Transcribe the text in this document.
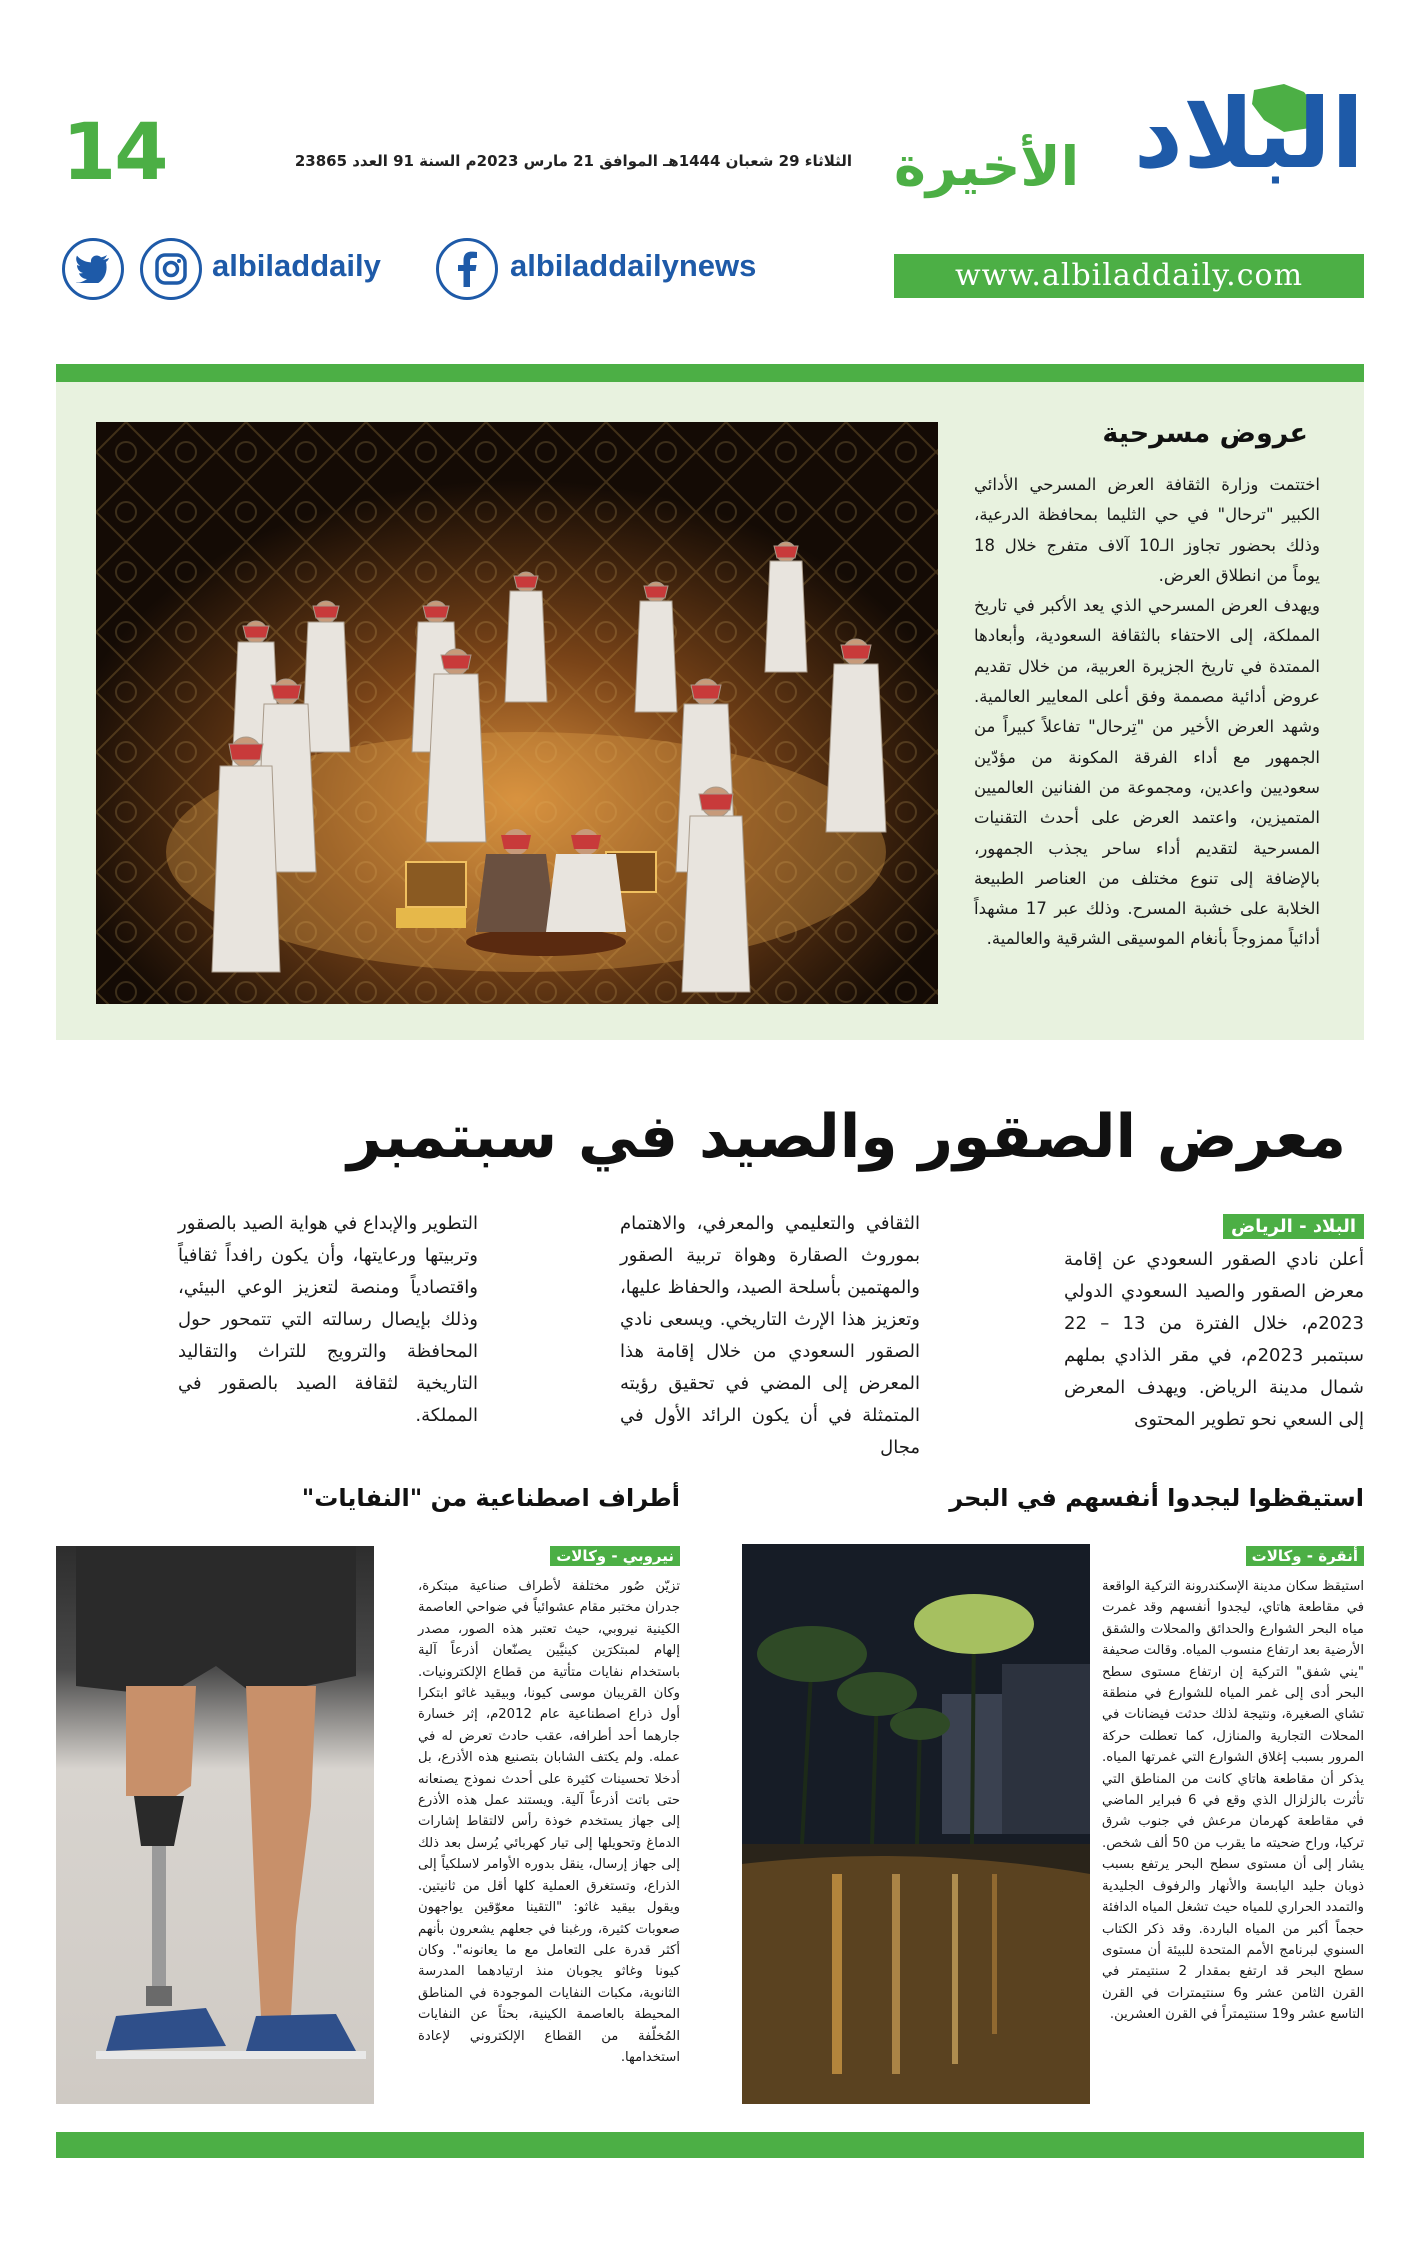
14	الثلاثاء 29 شعبان 1444هـ الموافق 21 مارس 2023م السنة 91 العدد 23865	البلاد
الأخيرة
www.albiladdaily.com
albiladdaily	albiladdailynews
عروض مسرحية

اختتمت وزارة الثقافة العرض المسرحي الأدائي الكبير "ترحال" في حي الثليما بمحافظة الدرعية، وذلك بحضور تجاوز الـ10 آلاف متفرج خلال 18 يوماً من انطلاق العرض.

ويهدف العرض المسرحي الذي يعد الأكبر في تاريخ المملكة، إلى الاحتفاء بالثقافة السعودية، وأبعادها الممتدة في تاريخ الجزيرة العربية، من خلال تقديم عروض أدائية مصممة وفق أعلى المعايير العالمية. وشهد العرض الأخير من "تِرحال" تفاعلاً كبيراً من الجمهور مع أداء الفرقة المكونة من مؤدّين سعوديين واعدين، ومجموعة من الفنانين العالميين المتميزين، واعتمد العرض على أحدث التقنيات المسرحية لتقديم أداء ساحر يجذب الجمهور، بالإضافة إلى تنوع مختلف من العناصر الطبيعة الخلابة على خشبة المسرح. وذلك عبر 17 مشهداً أدائياً ممزوجاً بأنغام الموسيقى الشرقية والعالمية.

معرض الصقور والصيد في سبتمبر
البلاد - الرياض
أعلن نادي الصقور السعودي عن إقامة معرض الصقور والصيد السعودي الدولي 2023م، خلال الفترة من 13 – 22 سبتمبر 2023م، في مقر الذادي بملهم شمال مدينة الرياض. ويهدف المعرض إلى السعي نحو تطوير المحتوى
الثقافي والتعليمي والمعرفي، والاهتمام بموروث الصقارة وهواة تربية الصقور والمهتمين بأسلحة الصيد، والحفاظ عليها، وتعزيز هذا الإرث التاريخي. ويسعى نادي الصقور السعودي من خلال إقامة هذا المعرض إلى المضي في تحقيق رؤيته المتمثلة في أن يكون الرائد الأول في مجال
التطوير والإبداع في هواية الصيد بالصقور وتربيتها ورعايتها، وأن يكون رافداً ثقافياً واقتصادياً ومنصة لتعزيز الوعي البيئي، وذلك بإيصال رسالته التي تتمحور حول المحافظة والترويج للتراث والتقاليد التاريخية لثقافة الصيد بالصقور في المملكة.
استيقظوا ليجدوا أنفسهم في البحر
أنقرة - وكالات
استيقظ سكان مدينة الإسكندرونة التركية الواقعة في مقاطعة هاتاي، ليجدوا أنفسهم وقد غمرت مياه البحر الشوارع والحدائق والمحلات والشقق الأرضية بعد ارتفاع منسوب المياه. وقالت صحيفة "يني شفق" التركية إن ارتفاع مستوى سطح البحر أدى إلى غمر المياه للشوارع في منطقة تشاي الصغيرة، ونتيجة لذلك حدثت فيضانات في المحلات التجارية والمنازل، كما تعطلت حركة المرور بسبب إغلاق الشوارع التي غمرتها المياه. يذكر أن مقاطعة هاتاي كانت من المناطق التي تأثرت بالزلزال الذي وقع في 6 فبراير الماضي في مقاطعة كهرمان مرعش في جنوب شرق تركيا، وراح ضحيته ما يقرب من 50 ألف شخص. يشار إلى أن مستوى سطح البحر يرتفع بسبب ذوبان جليد اليابسة والأنهار والرفوف الجليدية والتمدد الحراري للمياه حيث تشغل المياه الدافئة حجماً أكبر من المياه الباردة. وقد ذكر الكتاب السنوي لبرنامج الأمم المتحدة للبيئة أن مستوى سطح البحر قد ارتفع بمقدار 2 سنتيمتر في القرن الثامن عشر و6 سنتيمترات في القرن التاسع عشر و19 سنتيمتراً في القرن العشرين.
أطراف اصطناعية من "النفايات"
نيروبي - وكالات
تزيّن صُور مختلفة لأطراف صناعية مبتكرة، جدران مختبر مقام عشوائياً في ضواحي العاصمة الكينية نيروبي، حيث تعتبر هذه الصور، مصدر إلهام لمبتكرَين كينيَّين يصنّعان أذرعاً آلية باستخدام نفايات متأتية من قطاع الإلكترونيات. وكان القريبان موسى كيونا، وبيقيد غاثو ابتكرا أول ذراع اصطناعية عام 2012م، إثر خسارة جارهما أحد أطرافه، عقب حادث تعرض له في عمله. ولم يكتف الشابان بتصنيع هذه الأذرع، بل أدخلا تحسينات كثيرة على أحدث نموذج يصنعانه حتى باتت أذرعاً آلية. ويستند عمل هذه الأذرع إلى جهاز يستخدم خوذة رأس لالتقاط إشارات الدماغ وتحويلها إلى تيار كهربائي يُرسل بعد ذلك إلى جهاز إرسال، ينقل بدوره الأوامر لاسلكياً إلى الذراع، وتستغرق العملية كلها أقل من ثانيتين. ويقول بيقيد غاثو: "التقينا معوّقين يواجهون صعوبات كثيرة، ورغبنا في جعلهم يشعرون بأنهم أكثر قدرة على التعامل مع ما يعانونه". وكان كيونا وغاثو يجوبان منذ ارتيادهما المدرسة الثانوية، مكبات النفايات الموجودة في المناطق المحيطة بالعاصمة الكينية، بحثاً عن النفايات المُخلّفة من القطاع الإلكتروني لإعادة استخدامها.
